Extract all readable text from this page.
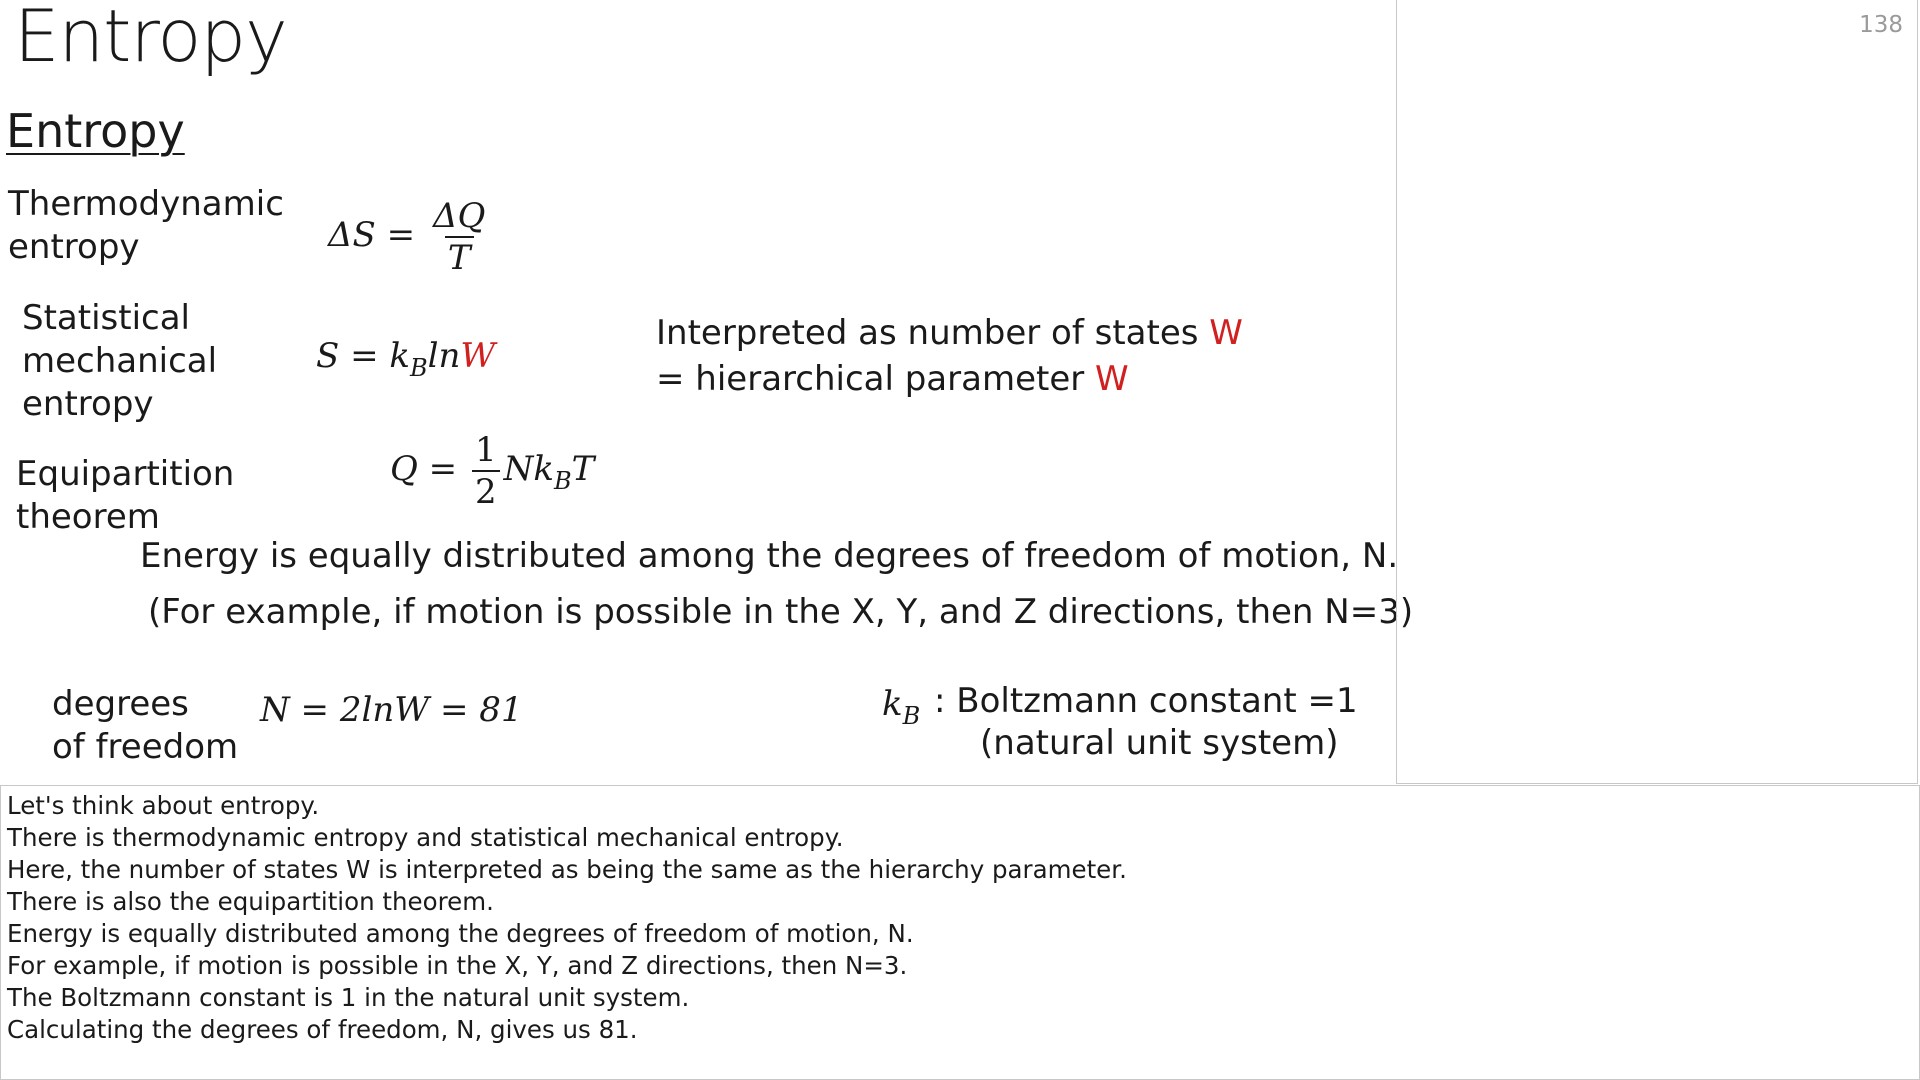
Entropy
Entropy
Thermodynamic
entropy	$\Delta S = \frac{\Delta Q}{T}$
Statistical
mechanical
entropy
$S = k_B\ln W$
Interpreted as number of states W
= hierarchical parameter W
Equipartition
theorem
$Q = \frac{1}{2} Nk_BT$
Energy is equally distributed among the degrees of freedom of motion, N.
(For example, if motion is possible in the X, Y, and Z directions, then N=3)
degrees
of freedom
N = 2lnW = 81	$k_B$ : Boltzmann constant =1
(natural unit system)
138
Let's think about entropy.
There is thermodynamic entropy and statistical mechanical entropy.
Here, the number of states W is interpreted as being the same as the hierarchy parameter.
There is also the equipartition theorem.
Energy is equally distributed among the degrees of freedom of motion, N.
For example, if motion is possible in the X, Y, and Z directions, then N=3.
The Boltzmann constant is 1 in the natural unit system.
Calculating the degrees of freedom, N, gives us 81.
